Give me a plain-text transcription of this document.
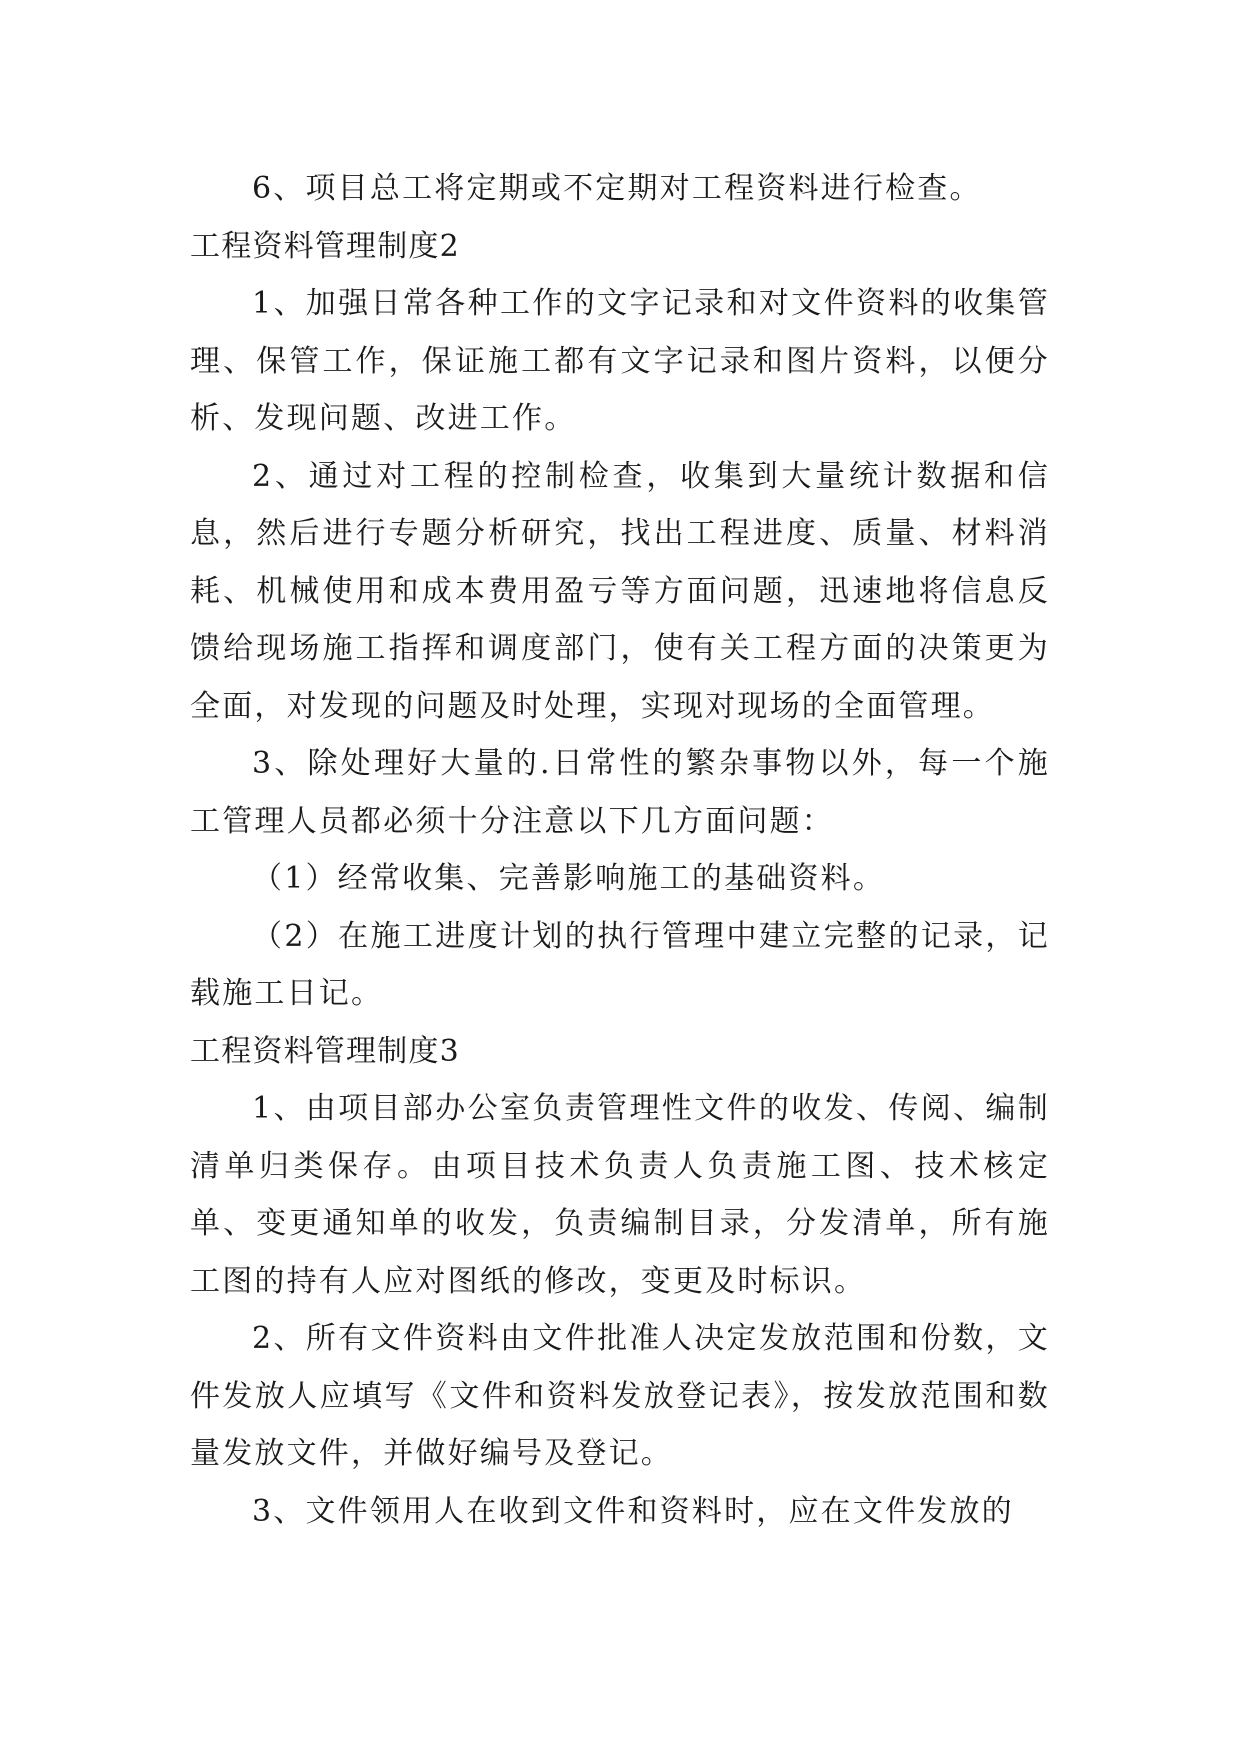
6、项目总工将定期或不定期对工程资料进行检查。

工程资料管理制度2

1、加强日常各种工作的文字记录和对文件资料的收集管理、保管工作，保证施工都有文字记录和图片资料，以便分析、发现问题、改进工作。

2、通过对工程的控制检查，收集到大量统计数据和信息，然后进行专题分析研究，找出工程进度、质量、材料消耗、机械使用和成本费用盈亏等方面问题，迅速地将信息反馈给现场施工指挥和调度部门，使有关工程方面的决策更为全面，对发现的问题及时处理，实现对现场的全面管理。

3、除处理好大量的.日常性的繁杂事物以外，每一个施工管理人员都必须十分注意以下几方面问题：

（1）经常收集、完善影响施工的基础资料。

（2）在施工进度计划的执行管理中建立完整的记录，记载施工日记。

工程资料管理制度3

1、由项目部办公室负责管理性文件的收发、传阅、编制清单归类保存。由项目技术负责人负责施工图、技术核定单、变更通知单的收发，负责编制目录，分发清单，所有施工图的持有人应对图纸的修改，变更及时标识。

2、所有文件资料由文件批准人决定发放范围和份数，文件发放人应填写《文件和资料发放登记表》，按发放范围和数量发放文件，并做好编号及登记。

3、文件领用人在收到文件和资料时，应在文件发放的
